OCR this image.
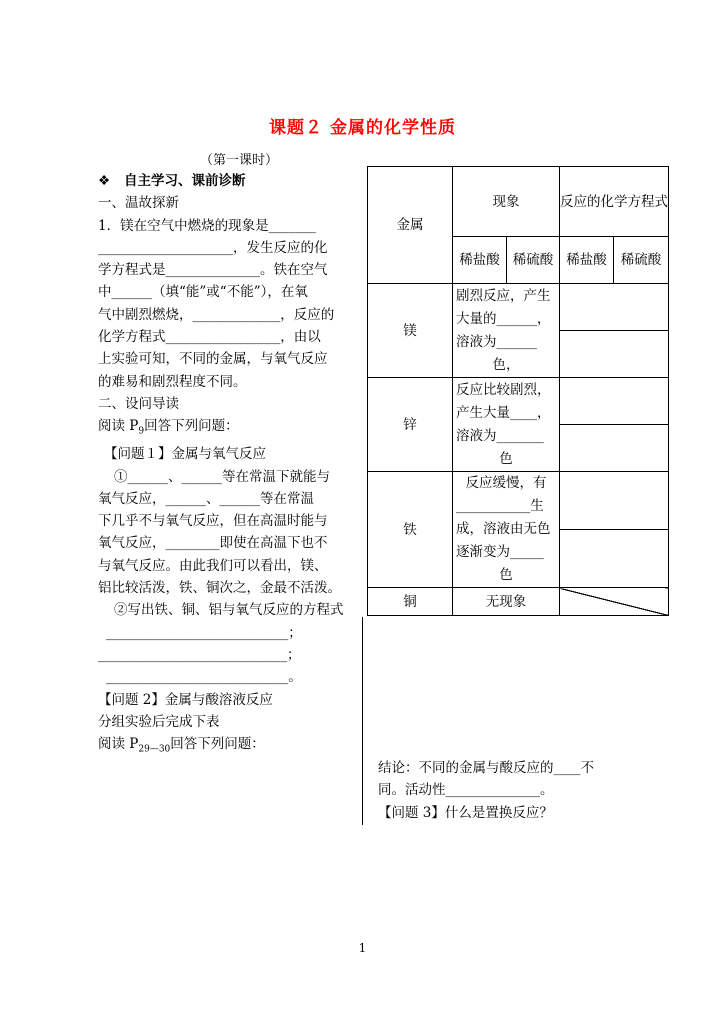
课题２ 金属的化学性质
（第一课时）

❖ 自主学习、课前诊断

一、温故探新

1．镁在空气中燃烧的现象是_______

____________________，发生反应的化

学方程式是______________。铁在空气

中______（填“能”或“不能”），在氧

气中剧烈燃烧，_____________，反应的

化学方程式_________________，由以

上实验可知，不同的金属，与氧气反应

的难易和剧烈程度不同。

二、设问导读

阅读 $P_9$回答下列问题：

【问题１】金属与氧气反应

①______、______等在常温下就能与

氧气反应，______、______等在常温

下几乎不与氧气反应，但在高温时能与

氧气反应，________即使在高温下也不

与氧气反应。由此我们可以看出，镁、

铝比较活泼，铁、铜次之，金最不活泼。

②写出铁、铜、铝与氧气反应的方程式

___________________________；

____________________________；

___________________________。

【问题 2】金属与酸溶液反应

分组实验后完成下表

阅读 $P_{29—30}$回答下列问题：

金属	现象		反应的化学方程式	
	稀盐酸	稀硫酸	稀盐酸	稀硫酸
镁	剧烈反应，产生
大量的______，
溶液为______
色，			

锌	反应比较剧烈，
产生大量____，
溶液为_______
色			

铁	反应缓慢，有
___________生
成，溶液由无色
逐渐变为_____
色			

铜	无现象			

结论：不同的金属与酸反应的____不

同。活动性______________。

【问题 3】什么是置换反应？

1
